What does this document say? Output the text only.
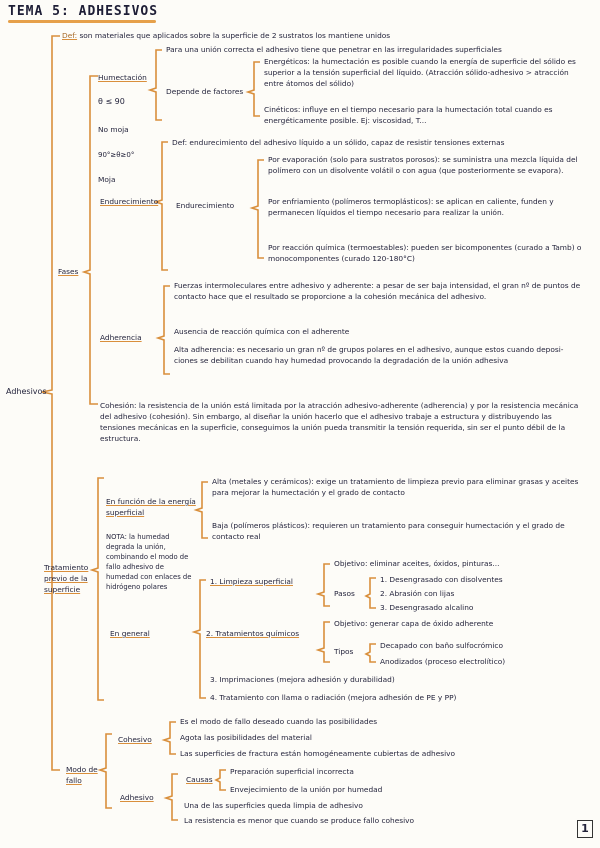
TEMA 5: ADHESIVOS
Adhesivos
Def: son materiales que aplicados sobre la superficie de 2 sustratos los mantiene unidos
Fases
Humectación
θ ≤ 90
No moja
90°≥θ≥0°
Moja
Para una unión correcta el adhesivo tiene que penetrar en las irregularidades superficiales
Depende de factores
Energéticos: la humectación es posible cuando la energía de superficie del sólido es superior a la tensión superficial del líquido. (Atracción sólido-adhesivo > atracción entre átomos del sólido)
Cinéticos: influye en el tiempo necesario para la humectación total cuando es energéticamente posible. Ej: viscosidad, T...
Endurecimiento
Def: endurecimiento del adhesivo líquido a un sólido, capaz de resistir tensiones externas
Endurecimiento
Por evaporación (solo para sustratos porosos): se suministra una mezcla líquida del polímero con un disolvente volátil o con agua (que posteriormente se evapora).
Por enfriamiento (polímeros termoplásticos): se aplican en caliente, funden y permanecen líquidos el tiempo necesario para realizar la unión.
Por reacción química (termoestables): pueden ser bicomponentes (curado a Tamb) o monocomponentes (curado 120-180°C)
Adherencia
Fuerzas intermoleculares entre adhesivo y adherente: a pesar de ser baja intensidad, el gran nº de puntos de contacto hace que el resultado se proporcione a la cohesión mecánica del adhesivo.
Ausencia de reacción química con el adherente
Alta adherencia: es necesario un gran nº de grupos polares en el adhesivo, aunque estos cuando deposi- ciones se debilitan cuando hay humedad provocando la degradación de la unión adhesiva
Cohesión: la resistencia de la unión está limitada por la atracción adhesivo-adherente (adherencia) y por la resistencia mecánica del adhesivo (cohesión). Sin embargo, al diseñar la unión hacerlo que el adhesivo trabaje a estructura y distribuyendo las tensiones mecánicas en la superficie, conseguimos la unión pueda transmitir la tensión requerida, sin ser el punto débil de la estructura.
Tratamiento previo de la superficie
En función de la energía superficial
Alta (metales y cerámicos): exige un tratamiento de limpieza previo para eliminar grasas y aceites para mejorar la humectación y el grado de contacto
Baja (polímeros plásticos): requieren un tratamiento para conseguir humectación y el grado de contacto real
NOTA: la humedad degrada la unión, combinando el modo de fallo adhesivo de humedad con enlaces de hidrógeno polares
En general
1. Limpieza superficial
Objetivo: eliminar aceites, óxidos, pinturas...
Pasos
1. Desengrasado con disolventes
2. Abrasión con lijas
3. Desengrasado alcalino
2. Tratamientos químicos
Objetivo: generar capa de óxido adherente
Tipos
Decapado con baño sulfocrómico
Anodizados (proceso electrolítico)
3. Imprimaciones (mejora adhesión y durabilidad)
4. Tratamiento con llama o radiación (mejora adhesión de PE y PP)
Modo de fallo
Cohesivo
Es el modo de fallo deseado cuando las posibilidades
Agota las posibilidades del material
Las superficies de fractura están homogéneamente cubiertas de adhesivo
Adhesivo
Causas
Preparación superficial incorrecta
Envejecimiento de la unión por humedad
Una de las superficies queda limpia de adhesivo
La resistencia es menor que cuando se produce fallo cohesivo
1
